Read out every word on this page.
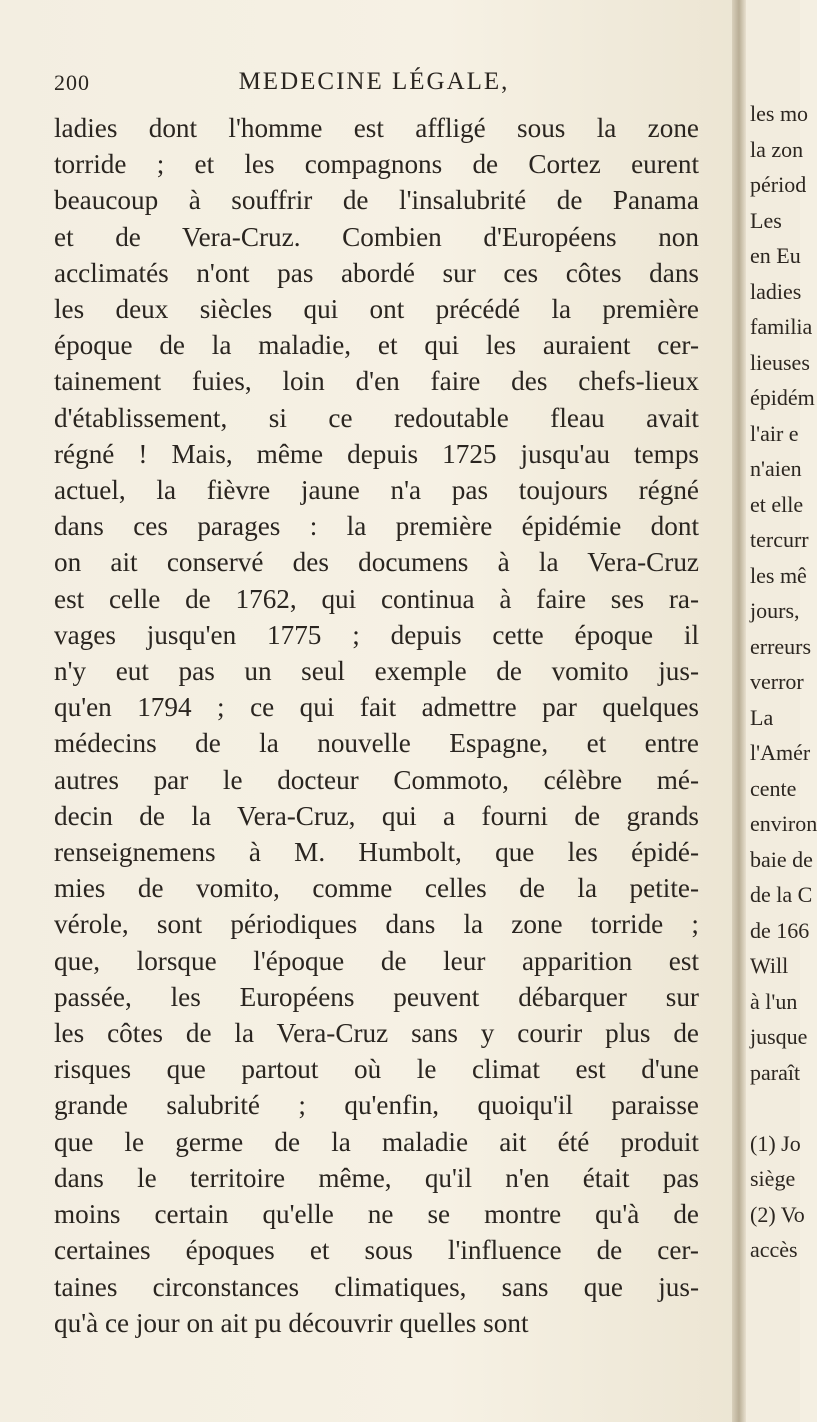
200	MEDECINE LÉGALE,
ladies dont l'homme est affligé sous la zone
torride ; et les compagnons de Cortez eurent
beaucoup à souffrir de l'insalubrité de Panama
et de Vera-Cruz. Combien d'Européens non
acclimatés n'ont pas abordé sur ces côtes dans
les deux siècles qui ont précédé la première
époque de la maladie, et qui les auraient cer-
tainement fuies, loin d'en faire des chefs-lieux
d'établissement, si ce redoutable fleau avait
régné ! Mais, même depuis 1725 jusqu'au temps
actuel, la fièvre jaune n'a pas toujours régné
dans ces parages : la première épidémie dont
on ait conservé des documens à la Vera-Cruz
est celle de 1762, qui continua à faire ses ra-
vages jusqu'en 1775 ; depuis cette époque il
n'y eut pas un seul exemple de vomito jus-
qu'en 1794 ; ce qui fait admettre par quelques
médecins de la nouvelle Espagne, et entre
autres par le docteur Commoto, célèbre mé-
decin de la Vera-Cruz, qui a fourni de grands
renseignemens à M. Humbolt, que les épidé-
mies de vomito, comme celles de la petite-
vérole, sont périodiques dans la zone torride ;
que, lorsque l'époque de leur apparition est
passée, les Européens peuvent débarquer sur
les côtes de la Vera-Cruz sans y courir plus de
risques que partout où le climat est d'une
grande salubrité ; qu'enfin, quoiqu'il paraisse
que le germe de la maladie ait été produit
dans le territoire même, qu'il n'en était pas
moins certain qu'elle ne se montre qu'à de
certaines époques et sous l'influence de cer-
taines circonstances climatiques, sans que jus-
qu'à ce jour on ait pu découvrir quelles sont
les mo
la zon
périod
Les
en Eu
ladies
familia
lieuses
épidém
l'air e
n'aien
et elle
tercurr
les mê
jours,
erreurs
verror
La
l'Amér
cente
environ
baie de
de la C
de 166
Will
à l'un
jusque
paraît
(1) Jo
siège
(2) Vo
accès
